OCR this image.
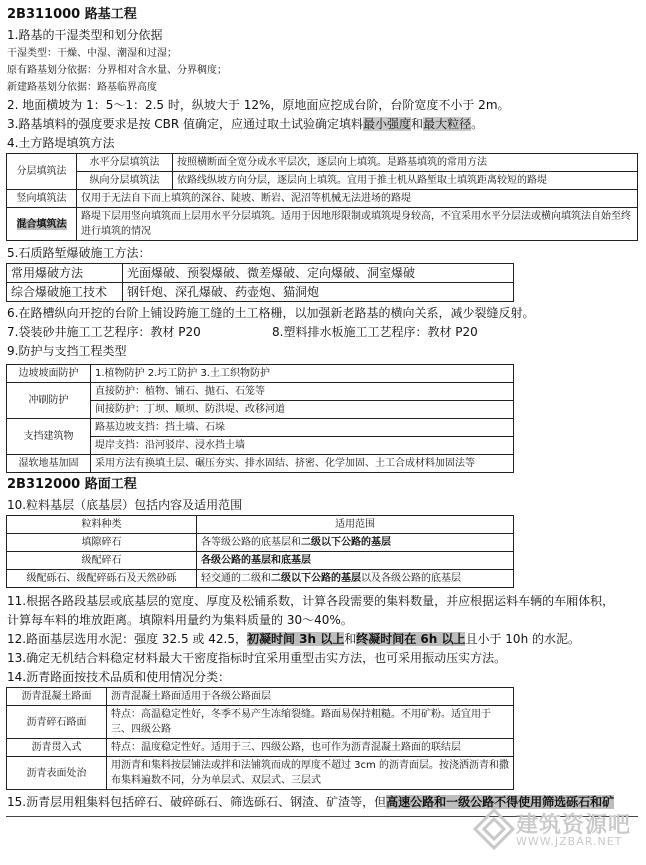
2B311000 路基工程
1.路基的干湿类型和划分依据
干湿类型：干燥、中湿、潮湿和过湿；
原有路基划分依据：分界相对含水量、分界稠度；
新建路基划分依据：路基临界高度
2. 地面横坡为 1：5～1：2.5 时，纵坡大于 12%，原地面应挖成台阶，台阶宽度不小于 2m。
3.路基填料的强度要求是按 CBR 值确定，应通过取土试验确定填料最小强度和最大粒径。
4.土方路堤填筑方法
分层填筑法	水平分层填筑法	按照横断面全宽分成水平层次，逐层向上填筑。是路基填筑的常用方法
	纵向分层填筑法	依路线纵坡方向分层，逐层向上填筑。宜用于推土机从路堑取土填筑距离较短的路堤
竖向填筑法	仅用于无法自下而上填筑的深谷、陡坡、断岩、泥沼等机械无法进场的路堤	
混合填筑法	路堤下层用竖向填筑而上层用水平分层填筑。适用于因地形限制或填筑堤身较高，不宜采用水平分层法或横向填筑法自始至终进行填筑的情况	
5.石质路堑爆破施工方法：
常用爆破方法	光面爆破、预裂爆破、微差爆破、定向爆破、洞室爆破
综合爆破施工技术	钢钎炮、深孔爆破、药壶炮、猫洞炮
6.在路槽纵向开挖的台阶上铺设跨施工缝的土工格栅，以加强新老路基的横向关系，减少裂缝反射。
7.袋装砂井施工工艺程序：教材 P20	8.塑料排水板施工工艺程序：教材 P20
9.防护与支挡工程类型
边坡坡面防护	1.植物防护 2.圬工防护 3.土工织物防护
冲刷防护	直接防护：植物、铺石、抛石、石笼等
	间接防护：丁坝、顺坝、防洪堤、改移河道
支挡建筑物	路基边坡支挡：挡土墙、石垛
	堤岸支挡：沿河驳岸、浸水挡土墙
湿软地基加固	采用方法有换填土层、碾压夯实、排水固结、挤密、化学加固、土工合成材料加固法等
2B312000 路面工程
10.粒料基层（底基层）包括内容及适用范围
粒料种类	适用范围
填隙碎石	各等级公路的底基层和二级以下公路的基层
级配碎石	各级公路的基层和底基层
级配砾石、级配碎砾石及天然砂砾	轻交通的二级和二级以下公路的基层以及各级公路的底基层
11.根据各路段基层或底基层的宽度、厚度及松铺系数，计算各段需要的集料数量，并应根据运料车辆的车厢体积，
计算每车料的堆放距离。填隙料用量约为集料质量的 30～40%。
12.路面基层选用水泥：强度 32.5 或 42.5，初凝时间 3h 以上和终凝时间在 6h 以上且小于 10h 的水泥。
13.确定无机结合料稳定材料最大干密度指标时宜采用重型击实方法，也可采用振动压实方法。
14.沥青路面按技术品质和使用情况分类：
沥青混凝土路面	沥青混凝土路面适用于各级公路面层
沥青碎石路面	特点：高温稳定性好，冬季不易产生冻缩裂缝。路面易保持粗糙。不用矿粉。适宜用于三、四级公路
沥青贯入式	特点：温度稳定性好。适用于三、四级公路，也可作为沥青混凝土路面的联结层
沥青表面处治	用沥青和集料按层铺法或拌和法铺筑而成的厚度不超过 3cm 的沥青面层。按浇洒沥青和撒布集料遍数不同，分为单层式、双层式、三层式
15.沥青层用粗集料包括碎石、破碎砾石、筛选砾石、钢渣、矿渣等，但高速公路和一级公路不得使用筛选砾石和矿
建筑资源吧
WWW.JZBAR.NET
